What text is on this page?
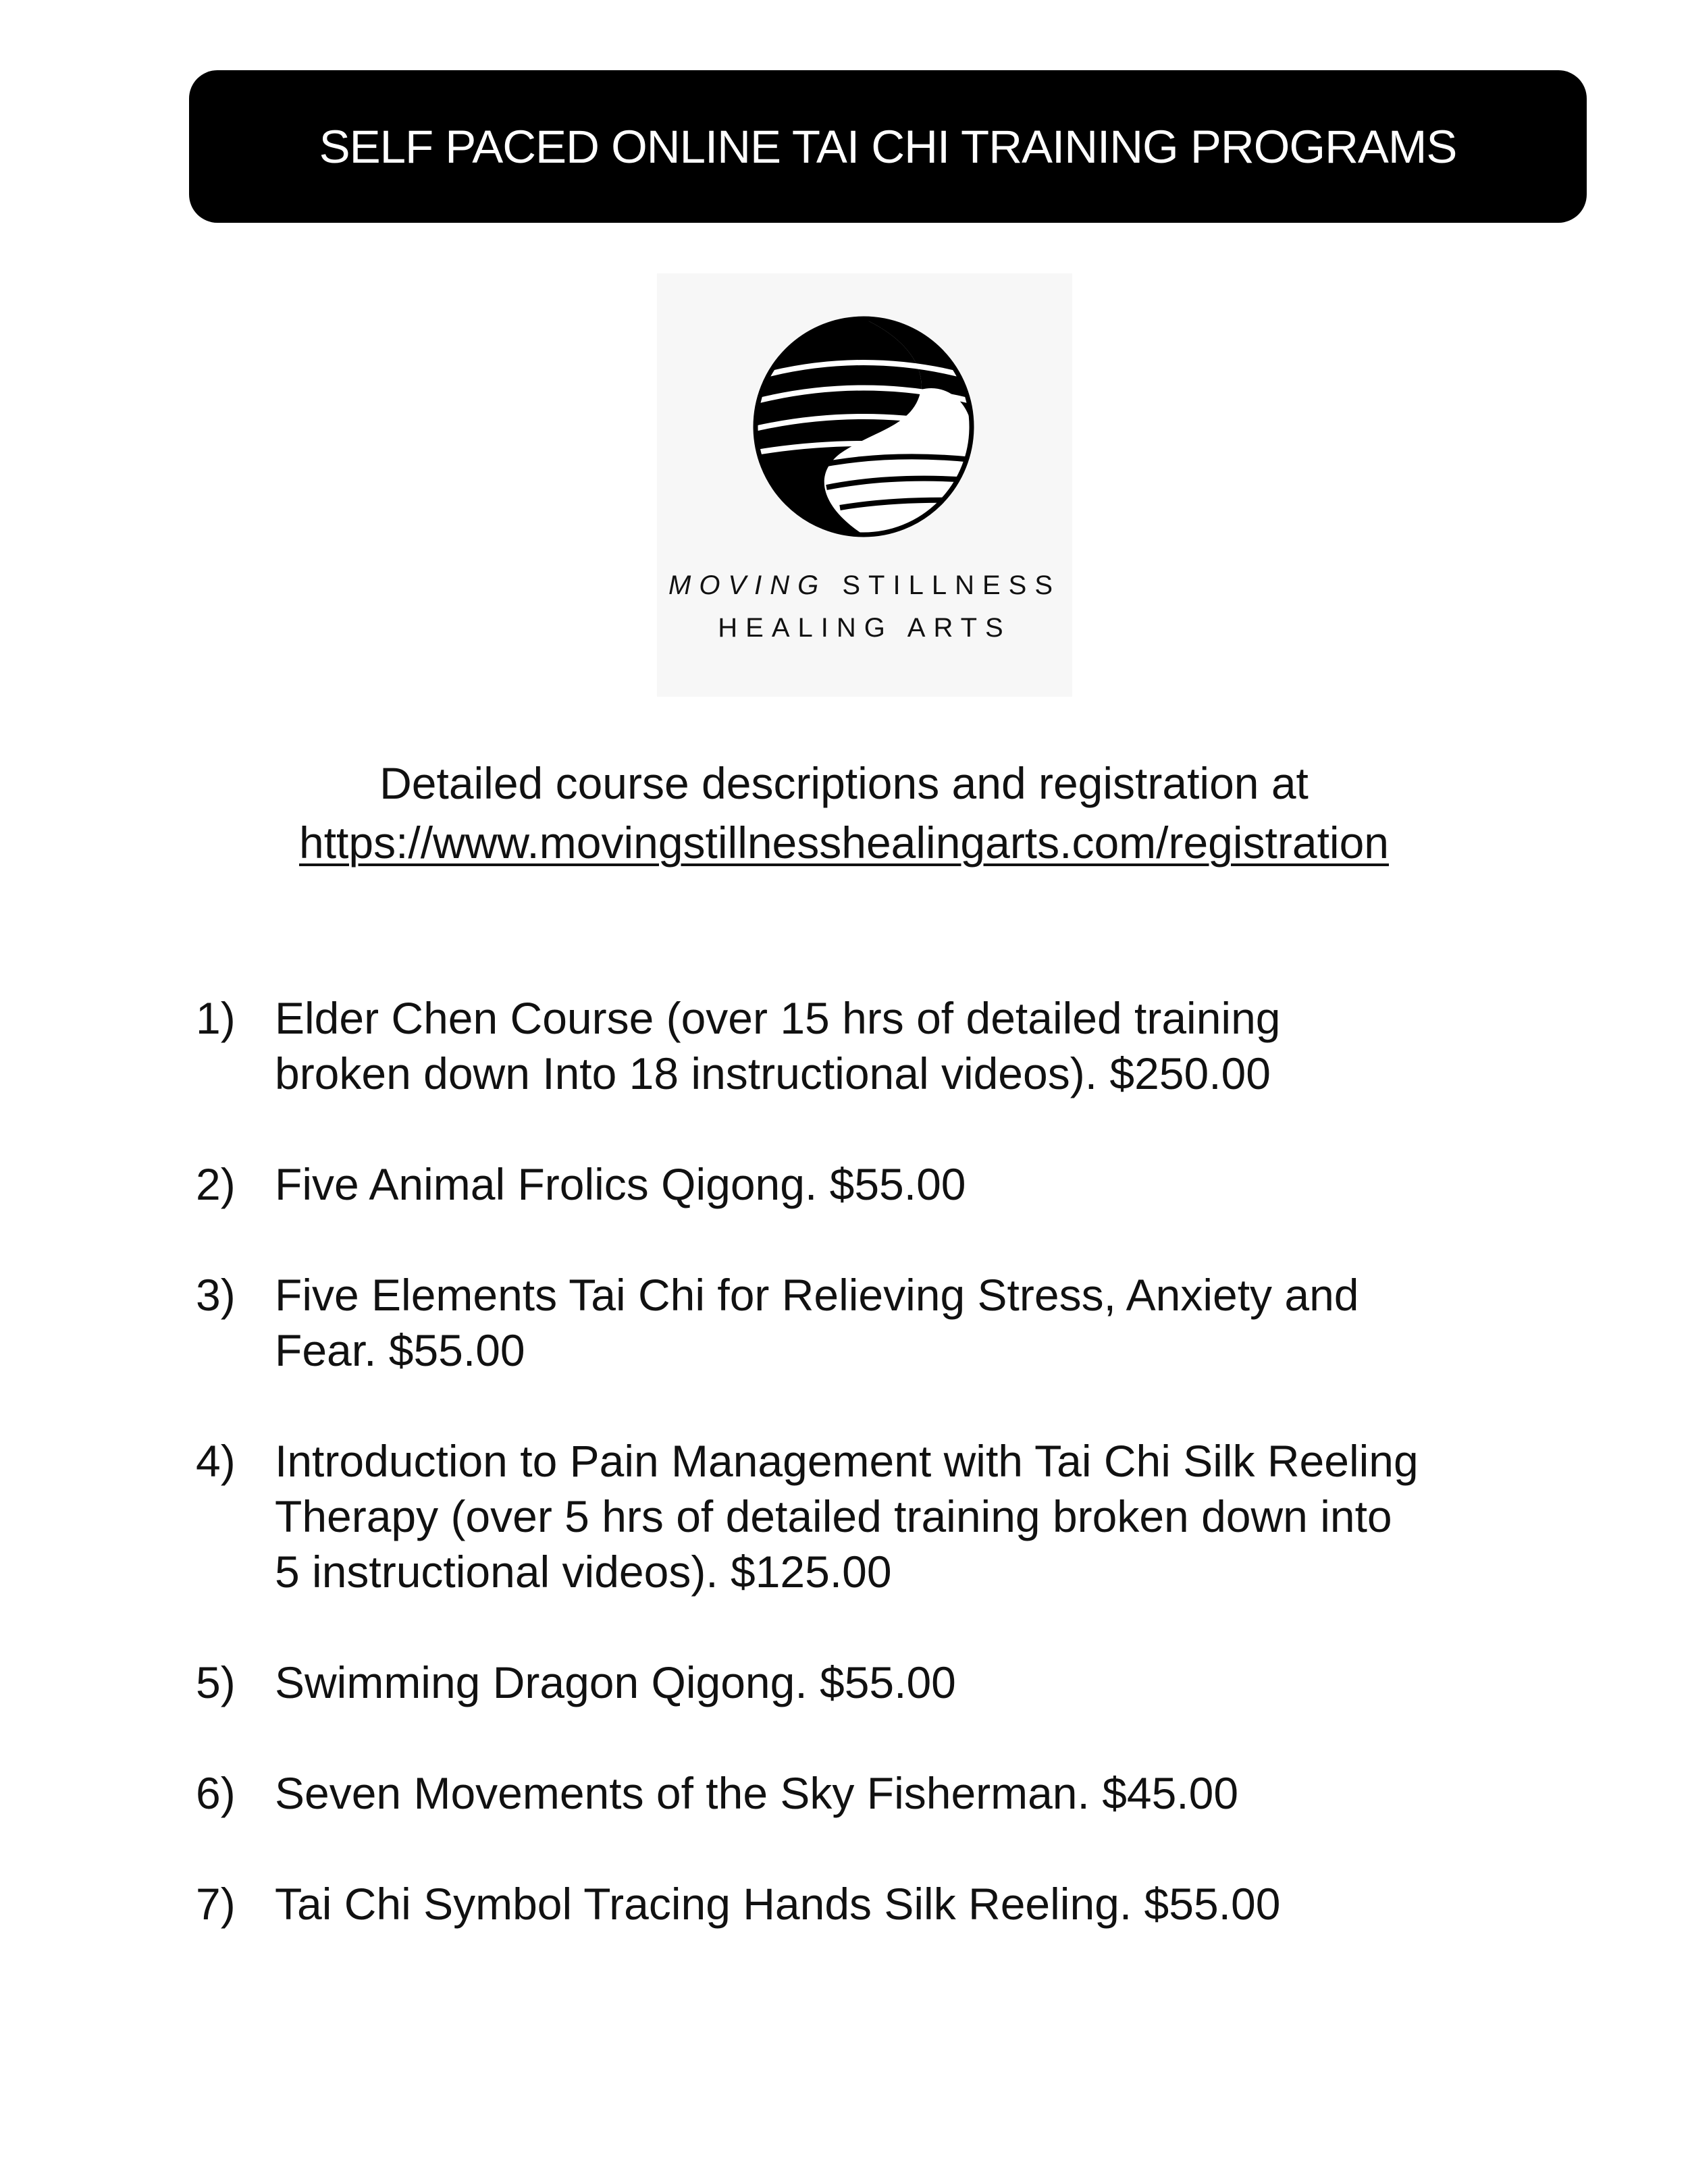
SELF PACED ONLINE TAI CHI TRAINING PROGRAMS
MOVING STILLNESS
HEALING ARTS
Detailed course descriptions and registration at
https://www.movingstillnesshealingarts.com/registration
1) Elder Chen Course (over 15 hrs of detailed training
broken down Into 18 instructional videos). $250.00
2) Five Animal Frolics Qigong. $55.00
3) Five Elements Tai Chi for Relieving Stress, Anxiety and
Fear. $55.00
4) Introduction to Pain Management with Tai Chi Silk Reeling
Therapy (over 5 hrs of detailed training broken down into
5 instructional videos). $125.00
5) Swimming Dragon Qigong. $55.00
6) Seven Movements of the Sky Fisherman. $45.00
7) Tai Chi Symbol Tracing Hands Silk Reeling. $55.00
